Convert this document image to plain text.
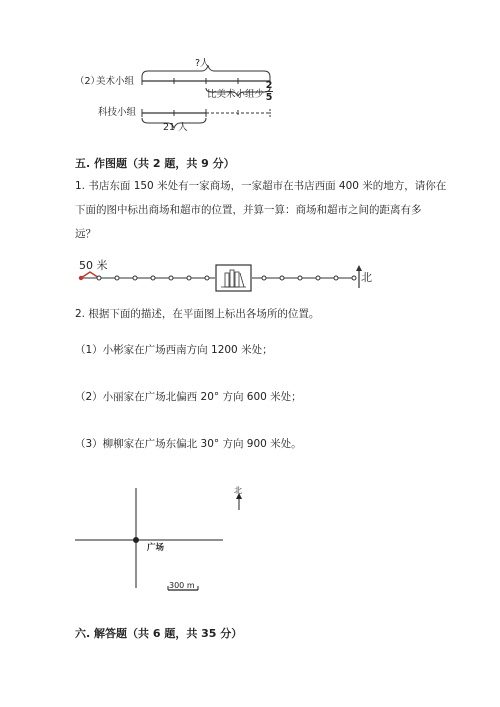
（2）
美术小组
科技小组
?人
比美术小组少
2
5
21 人
五. 作图题（共 2 题，共 9 分）
1. 书店东面 150 米处有一家商场，一家超市在书店西面 400 米的地方，请你在
下面的图中标出商场和超市的位置，并算一算：商场和超市之间的距离有多
远？
50 米
北
2. 根据下面的描述，在平面图上标出各场所的位置。
（1）小彬家在广场西南方向 1200 米处；
（2）小丽家在广场北偏西 20° 方向 600 米处；
（3）柳柳家在广场东偏北 30° 方向 900 米处。
北
广场
300 m
六. 解答题（共 6 题，共 35 分）
